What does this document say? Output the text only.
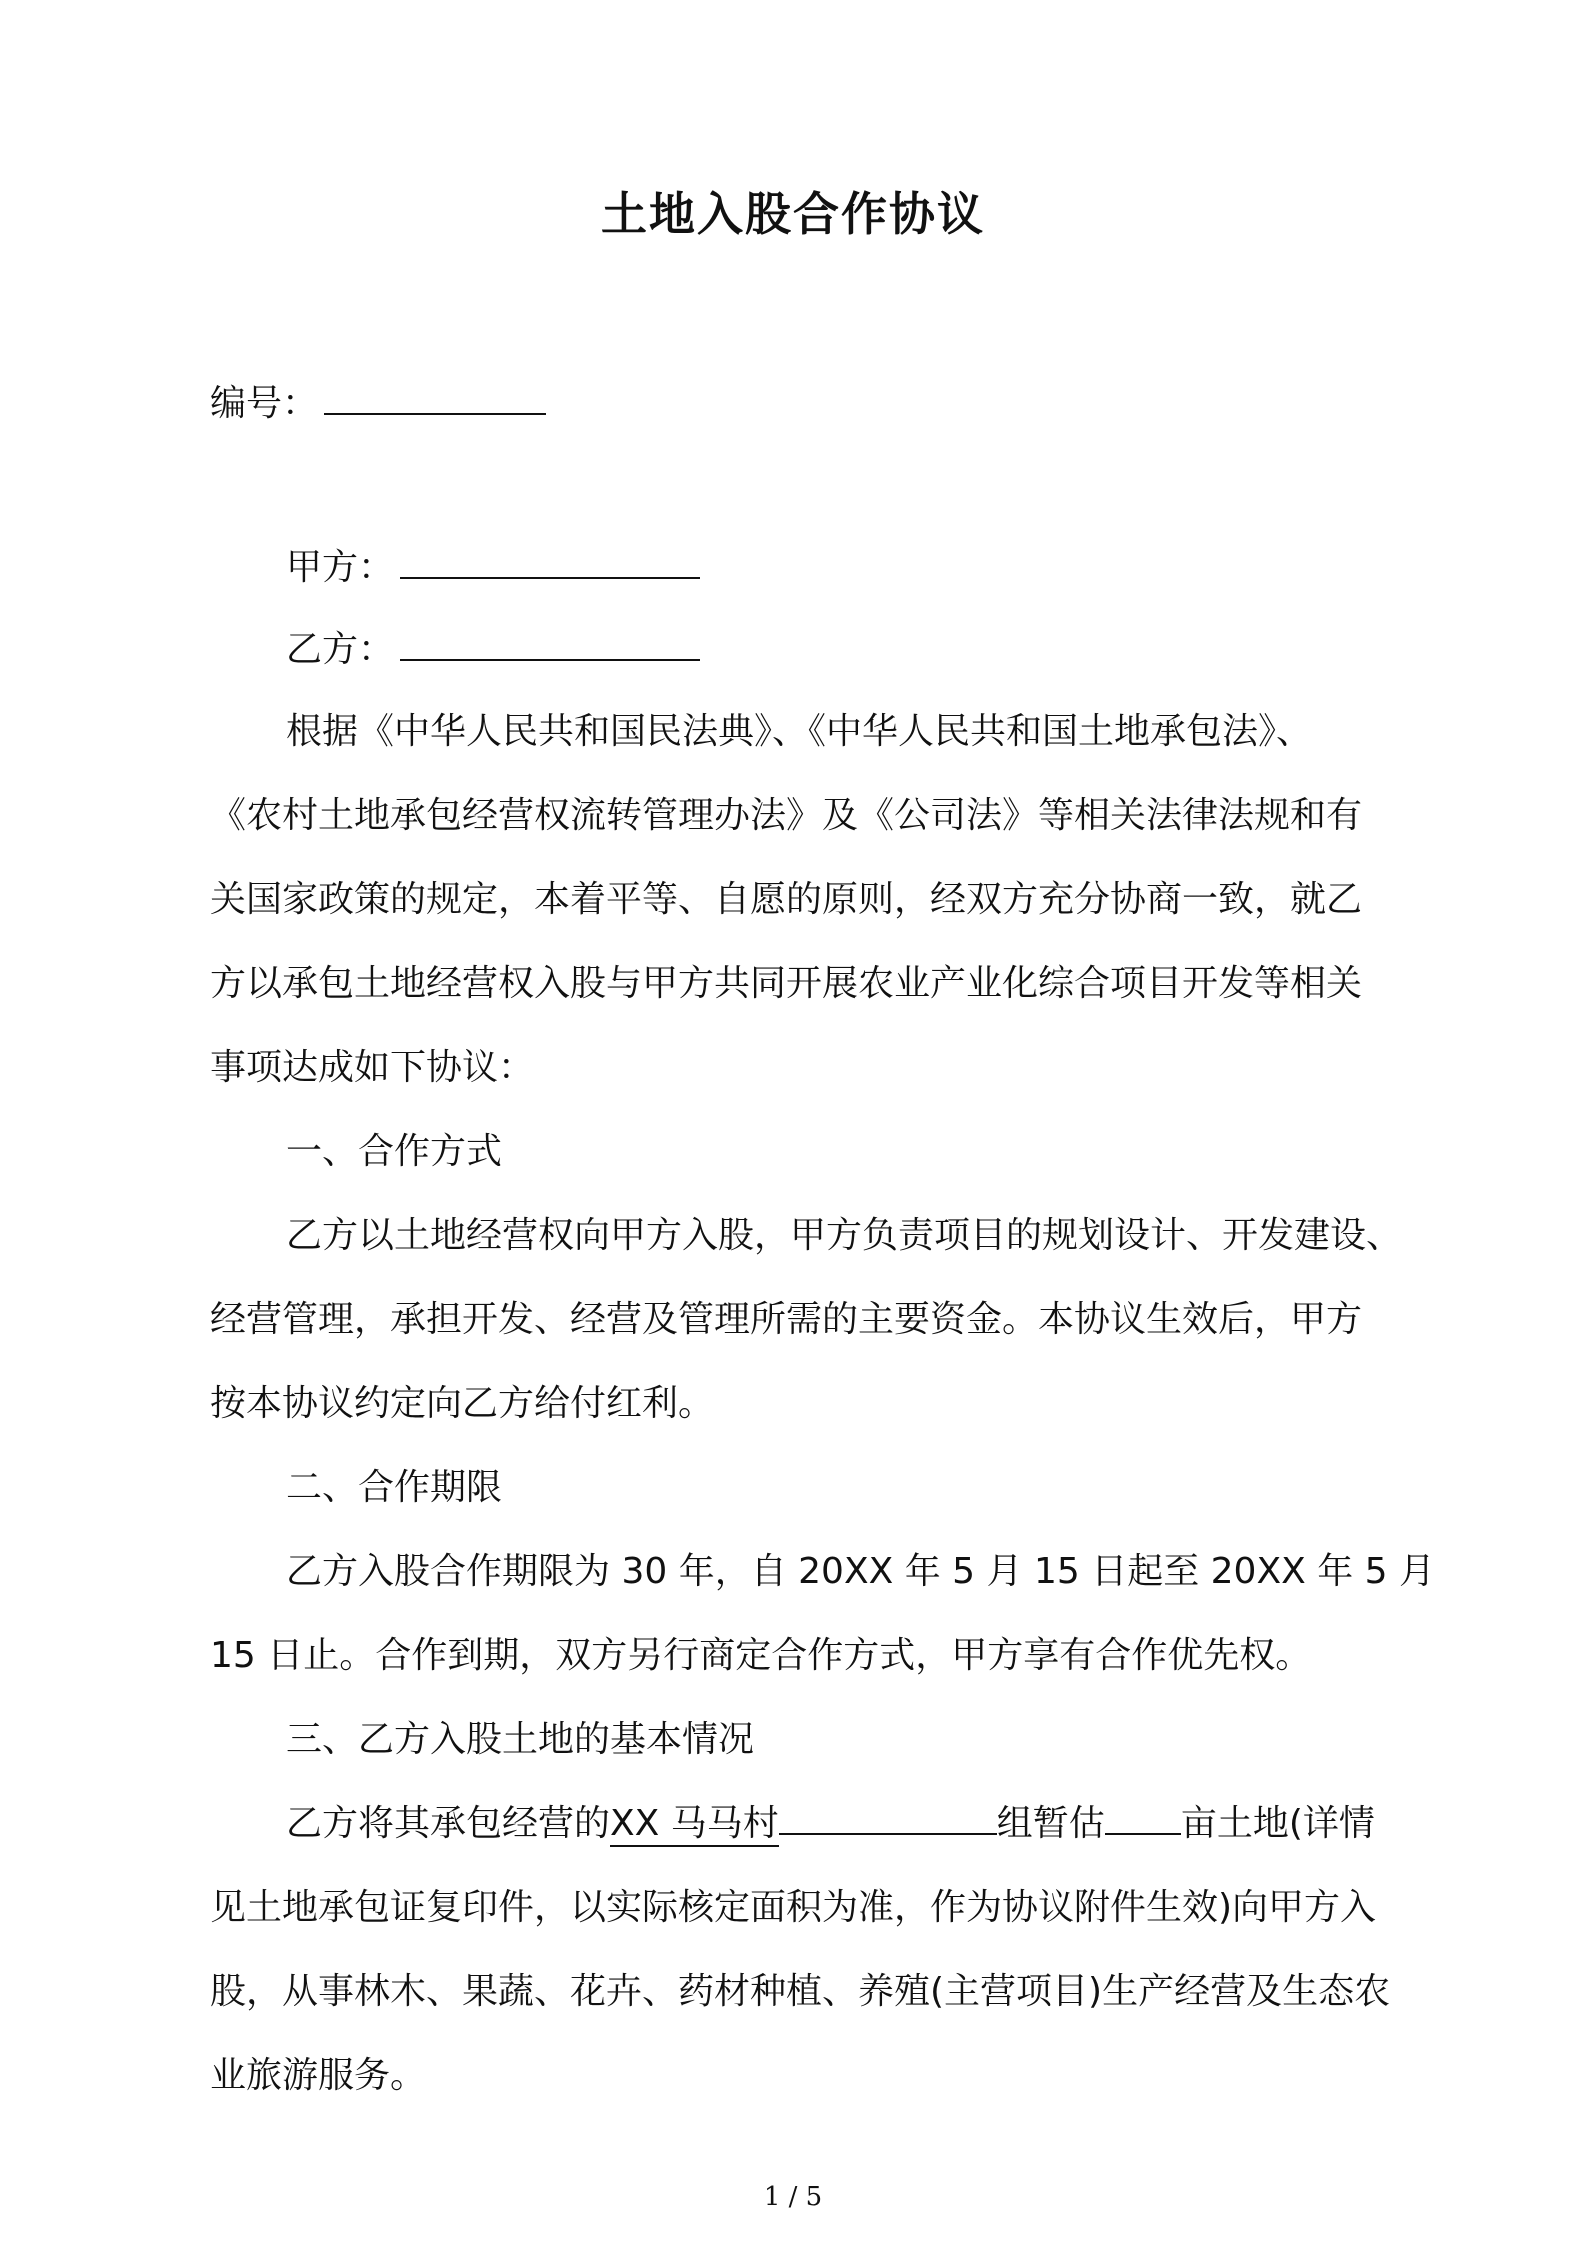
土地入股合作协议
编号：
甲方：
乙方：
根据《中华人民共和国民法典》、《中华人民共和国土地承包法》、
《农村土地承包经营权流转管理办法》及《公司法》等相关法律法规和有
关国家政策的规定，本着平等、自愿的原则，经双方充分协商一致，就乙
方以承包土地经营权入股与甲方共同开展农业产业化综合项目开发等相关
事项达成如下协议：
一、合作方式
乙方以土地经营权向甲方入股，甲方负责项目的规划设计、开发建设、
经营管理，承担开发、经营及管理所需的主要资金。本协议生效后，甲方
按本协议约定向乙方给付红利。
二、合作期限
乙方入股合作期限为 30 年，自 20XX 年 5 月 15 日起至 20XX 年 5 月
15 日止。合作到期，双方另行商定合作方式，甲方享有合作优先权。
三、乙方入股土地的基本情况
乙方将其承包经营的XX 马马村	组暂估 亩土地(详情
见土地承包证复印件，以实际核定面积为准，作为协议附件生效)向甲方入
股，从事林木、果蔬、花卉、药材种植、养殖(主营项目)生产经营及生态农
业旅游服务。
1 / 5
